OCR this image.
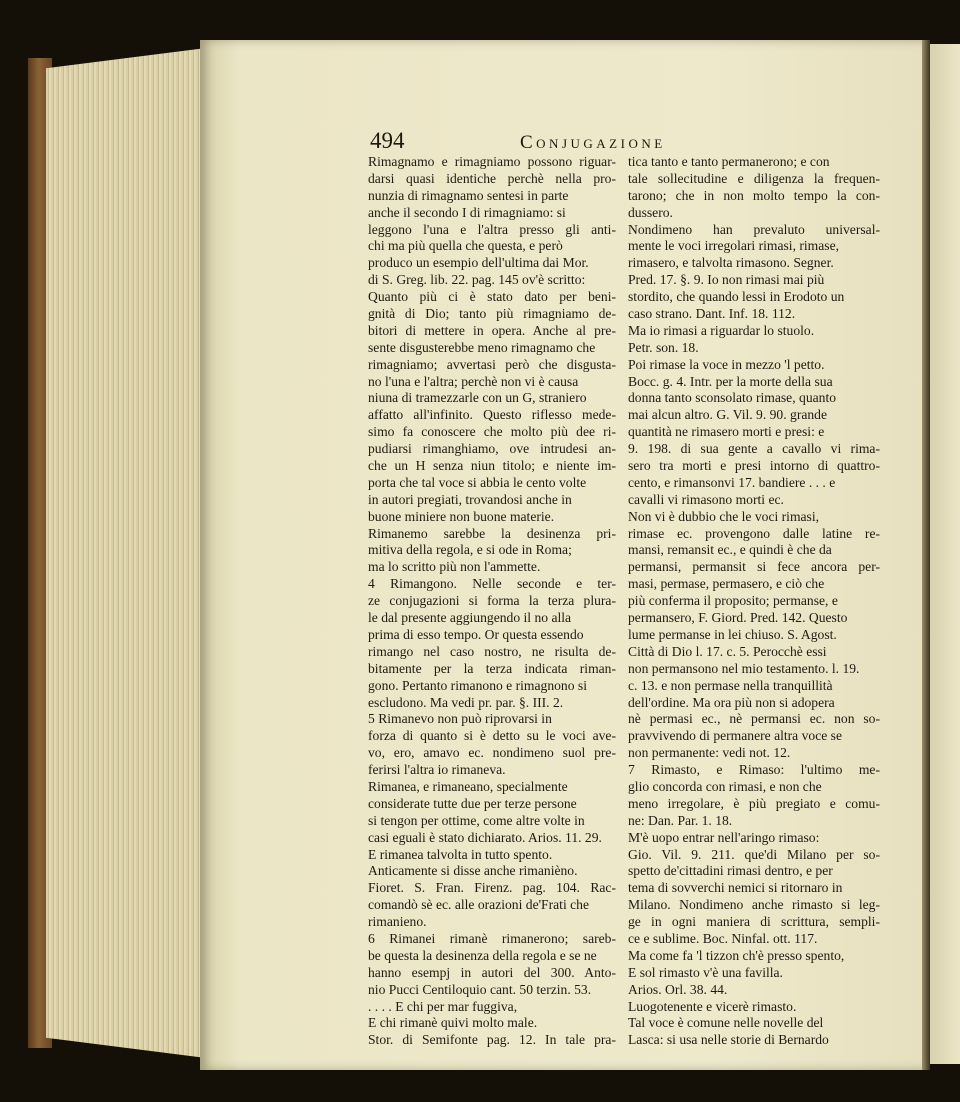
494	Conjugazione
Rimagnamo e rimagniamo possono riguar-
darsi quasi identiche perchè nella pro-
nunzia di rimagnamo sentesi in parte
anche il secondo I di rimagniamo: si
leggono l'una e l'altra presso gli anti-
chi ma più quella che questa, e però
produco un esempio dell'ultima dai Mor.
di S. Greg. lib. 22. pag. 145 ov'è scritto:
Quanto più ci è stato dato per beni-
gnità di Dio; tanto più rimagniamo de-
bitori di mettere in opera. Anche al pre-
sente disgusterebbe meno rimagnamo che
rimagniamo; avvertasi però che disgusta-
no l'una e l'altra; perchè non vi è causa
niuna di tramezzarle con un G, straniero
affatto all'infinito. Questo riflesso mede-
simo fa conoscere che molto più dee ri-
pudiarsi rimanghiamo, ove intrudesi an-
che un H senza niun titolo; e niente im-
porta che tal voce si abbia le cento volte
in autori pregiati, trovandosi anche in
buone miniere non buone materie.
Rimanemo sarebbe la desinenza pri-
mitiva della regola, e si ode in Roma;
ma lo scritto più non l'ammette.
4 Rimangono. Nelle seconde e ter-
ze conjugazioni si forma la terza plura-
le dal presente aggiungendo il no alla
prima di esso tempo. Or questa essendo
rimango nel caso nostro, ne risulta de-
bitamente per la terza indicata riman-
gono. Pertanto rimanono e rimagnono si
escludono. Ma vedi pr. par. §. III. 2.
5 Rimanevo non può riprovarsi in
forza di quanto si è detto su le voci ave-
vo, ero, amavo ec. nondimeno suol pre-
ferirsi l'altra io rimaneva.
Rimanea, e rimaneano, specialmente
considerate tutte due per terze persone
si tengon per ottime, come altre volte in
casi eguali è stato dichiarato. Arios. 11. 29.
E rimanea talvolta in tutto spento.
Anticamente si disse anche rimanièno.
Fioret. S. Fran. Firenz. pag. 104. Rac-
comandò sè ec. alle orazioni de'Frati che
rimanieno.
6 Rimanei rimanè rimanerono; sareb-
be questa la desinenza della regola e se ne
hanno esempj in autori del 300. Anto-
nio Pucci Centiloquio cant. 50 terzin. 53.
. . . . E chi per mar fuggiva,
E chi rimanè quivi molto male.
Stor. di Semifonte pag. 12. In tale pra-
tica tanto e tanto permanerono; e con
tale sollecitudine e diligenza la frequen-
tarono; che in non molto tempo la con-
dussero.
Nondimeno han prevaluto universal-
mente le voci irregolari rimasi, rimase,
rimasero, e talvolta rimasono. Segner.
Pred. 17. §. 9. Io non rimasi mai più
stordito, che quando lessi in Erodoto un
caso strano. Dant. Inf. 18. 112.
Ma io rimasi a riguardar lo stuolo.
Petr. son. 18.
Poi rimase la voce in mezzo 'l petto.
Bocc. g. 4. Intr. per la morte della sua
donna tanto sconsolato rimase, quanto
mai alcun altro. G. Vil. 9. 90. grande
quantità ne rimasero morti e presi: e
9. 198. di sua gente a cavallo vi rima-
sero tra morti e presi intorno di quattro-
cento, e rimansonvi 17. bandiere . . . e
cavalli vi rimasono morti ec.
Non vi è dubbio che le voci rimasi,
rimase ec. provengono dalle latine re-
mansi, remansit ec., e quindi è che da
permansi, permansit si fece ancora per-
masi, permase, permasero, e ciò che
più conferma il proposito; permanse, e
permansero, F. Giord. Pred. 142. Questo
lume permanse in lei chiuso. S. Agost.
Città di Dio l. 17. c. 5. Perocchè essi
non permansono nel mio testamento. l. 19.
c. 13. e non permase nella tranquillità
dell'ordine. Ma ora più non si adopera
nè permasi ec., nè permansi ec. non so-
pravvivendo di permanere altra voce se
non permanente: vedi not. 12.
7 Rimasto, e Rimaso: l'ultimo me-
glio concorda con rimasi, e non che
meno irregolare, è più pregiato e comu-
ne: Dan. Par. 1. 18.
M'è uopo entrar nell'aringo rimaso:
Gio. Vil. 9. 211. que'di Milano per so-
spetto de'cittadini rimasi dentro, e per
tema di sovverchi nemici si ritornaro in
Milano. Nondimeno anche rimasto si leg-
ge in ogni maniera di scrittura, sempli-
ce e sublime. Boc. Ninfal. ott. 117.
Ma come fa 'l tizzon ch'è presso spento,
E sol rimasto v'è una favilla.
Arios. Orl. 38. 44.
Luogotenente e vicerè rimasto.
Tal voce è comune nelle novelle del
Lasca: si usa nelle storie di Bernardo
